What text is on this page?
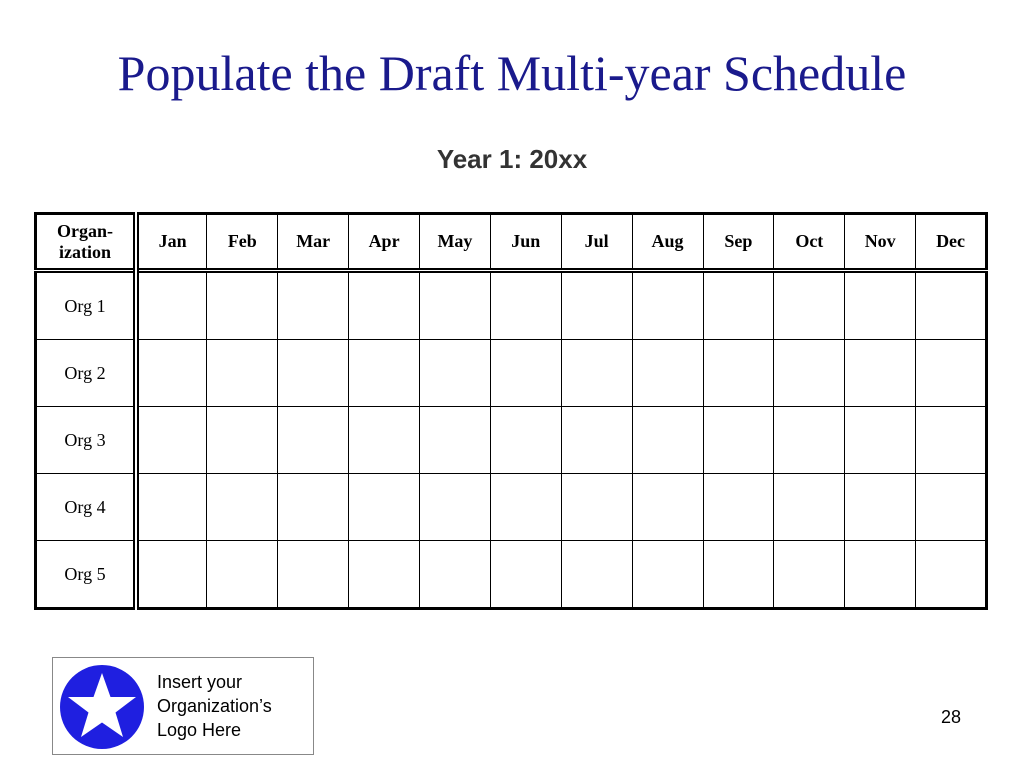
Populate the Draft Multi-year Schedule
Year 1: 20xx
Organ-
ization	Jan	Feb	Mar	Apr	May	Jun	Jul	Aug	Sep	Oct	Nov	Dec
Org 1												
Org 2												
Org 3												
Org 4												
Org 5												
Insert your
Organization’s
Logo Here
28
